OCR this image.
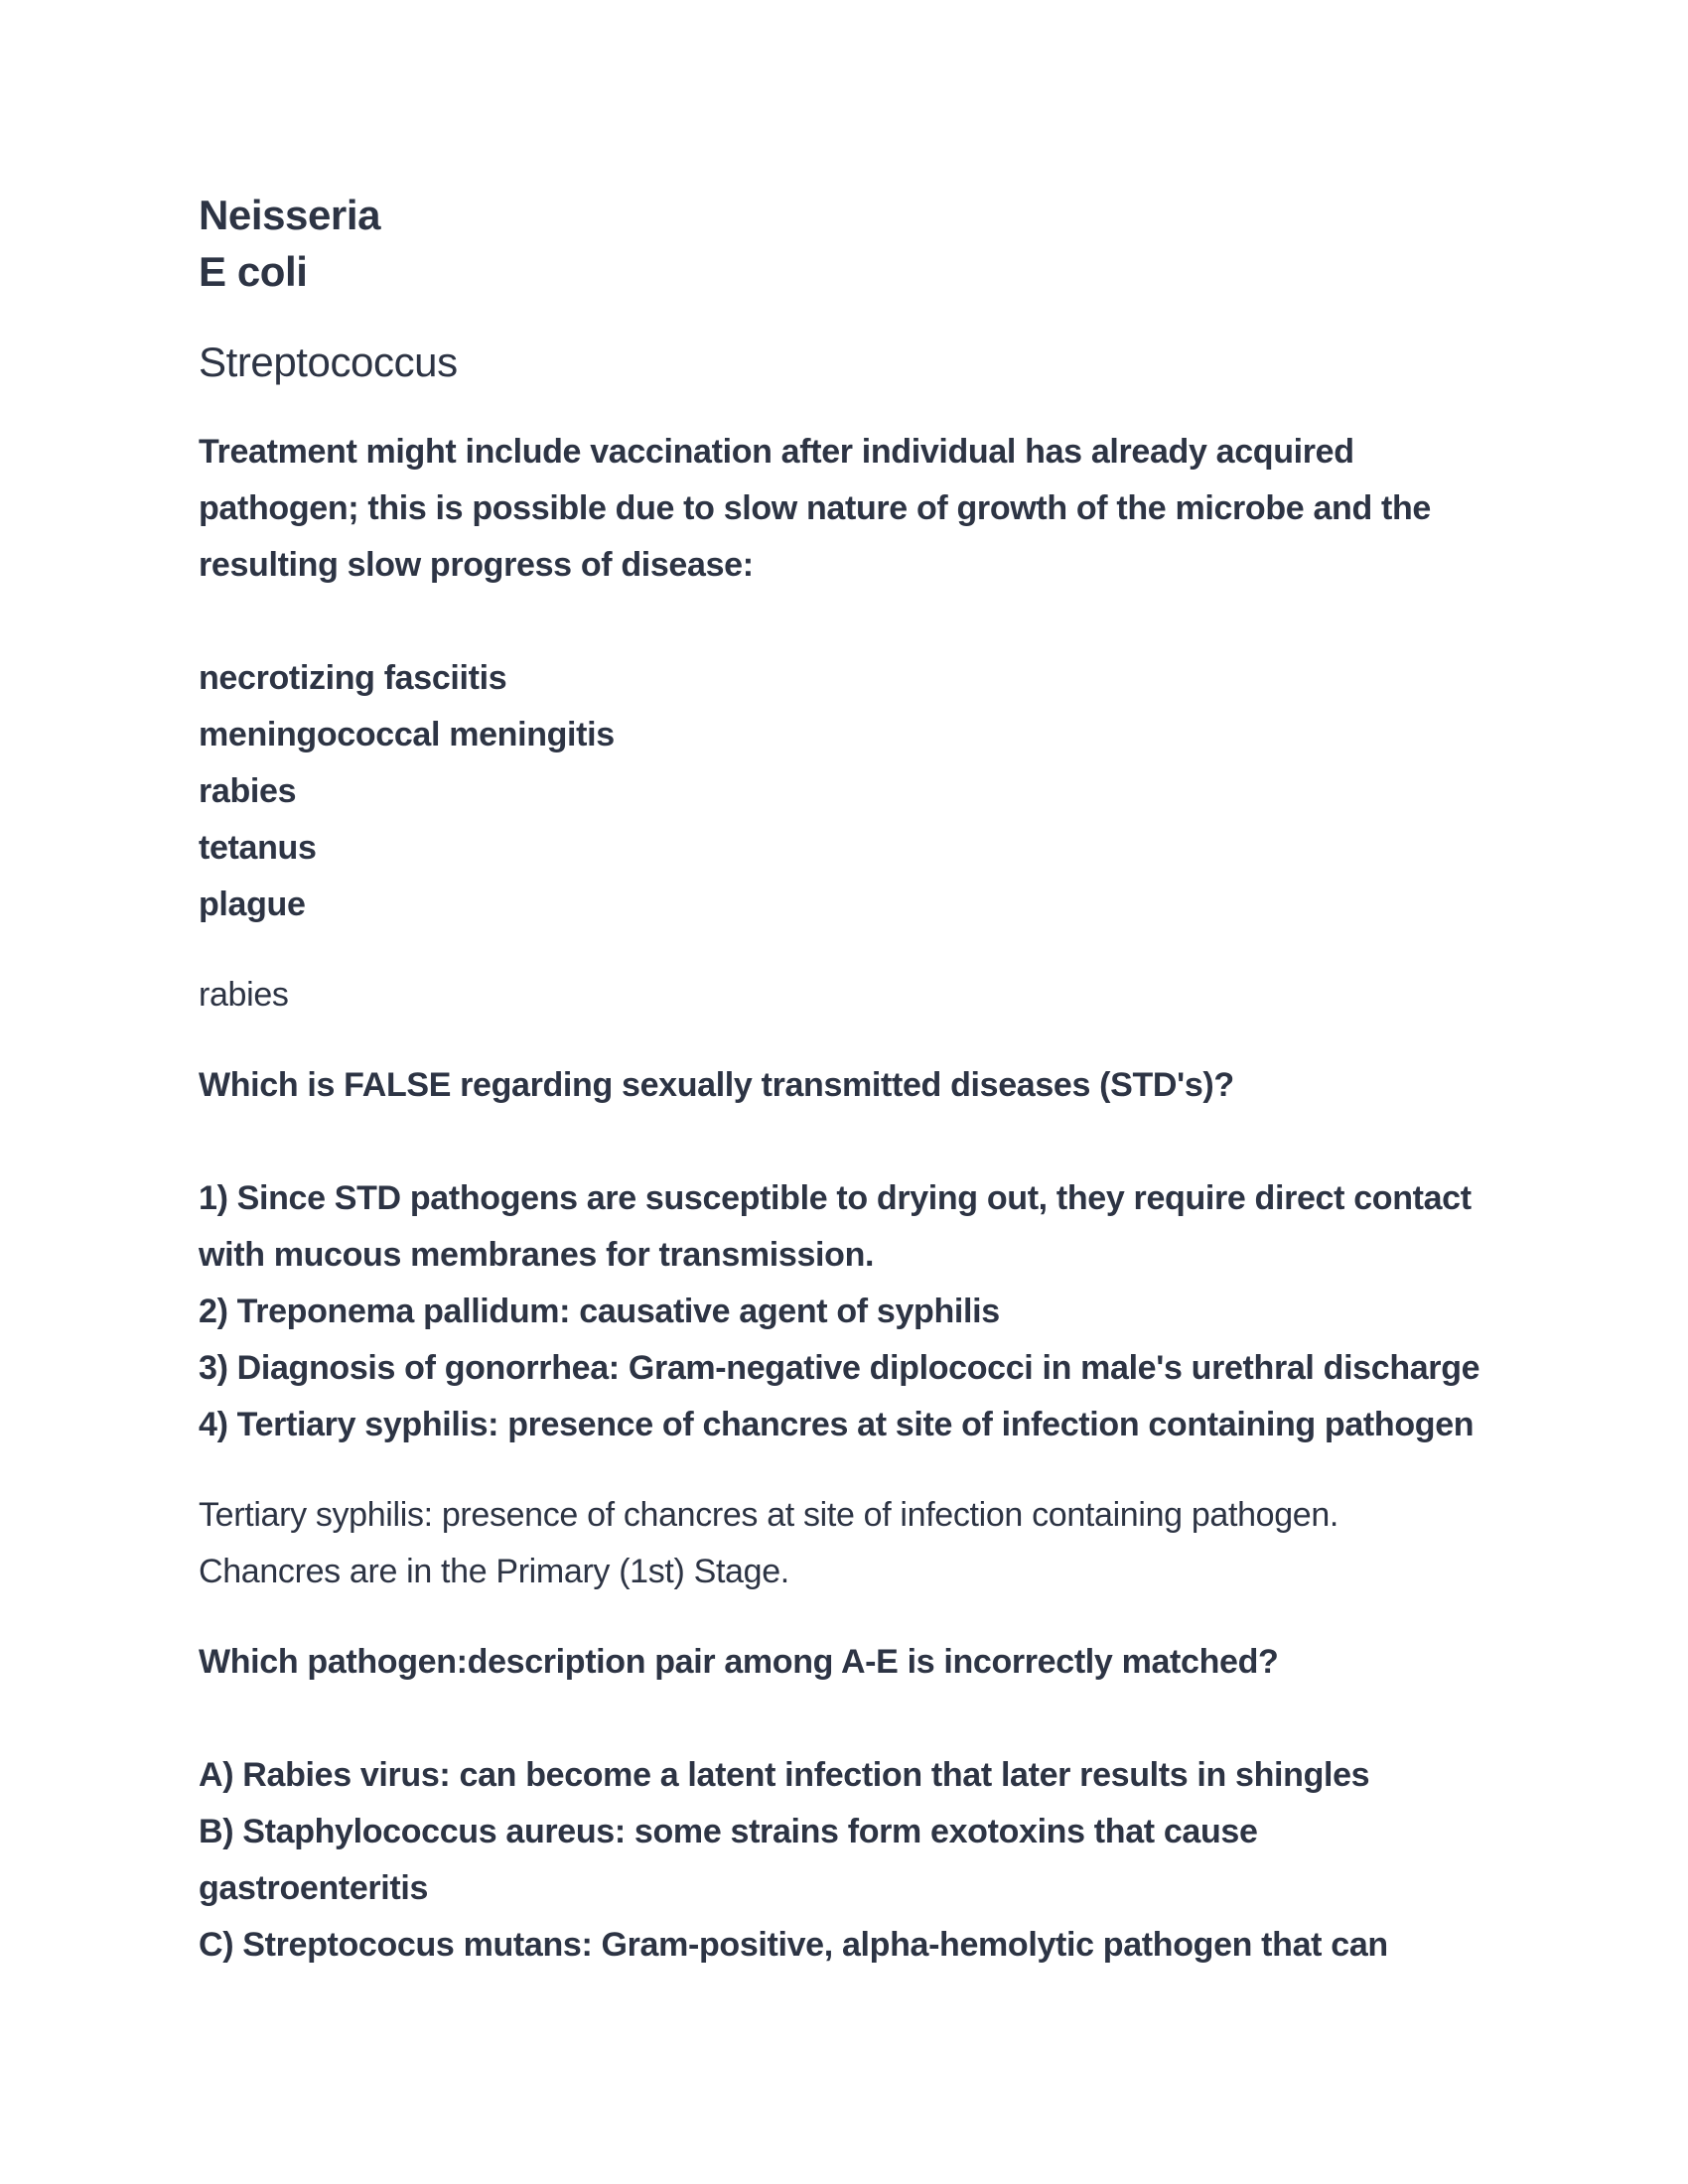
Neisseria
E coli
Streptococcus
Treatment might include vaccination after individual has already acquired
pathogen; this is possible due to slow nature of growth of the microbe and the
resulting slow progress of disease:
necrotizing fasciitis
meningococcal meningitis
rabies
tetanus
plague
rabies
Which is FALSE regarding sexually transmitted diseases (STD's)?
1) Since STD pathogens are susceptible to drying out, they require direct contact
with mucous membranes for transmission.
2) Treponema pallidum: causative agent of syphilis
3) Diagnosis of gonorrhea: Gram-negative diplococci in male's urethral discharge
4) Tertiary syphilis: presence of chancres at site of infection containing pathogen
Tertiary syphilis: presence of chancres at site of infection containing pathogen.
Chancres are in the Primary (1st) Stage.
Which pathogen:description pair among A-E is incorrectly matched?
A) Rabies virus: can become a latent infection that later results in shingles
B) Staphylococcus aureus: some strains form exotoxins that cause
gastroenteritis
C) Streptococus mutans: Gram-positive, alpha-hemolytic pathogen that can
